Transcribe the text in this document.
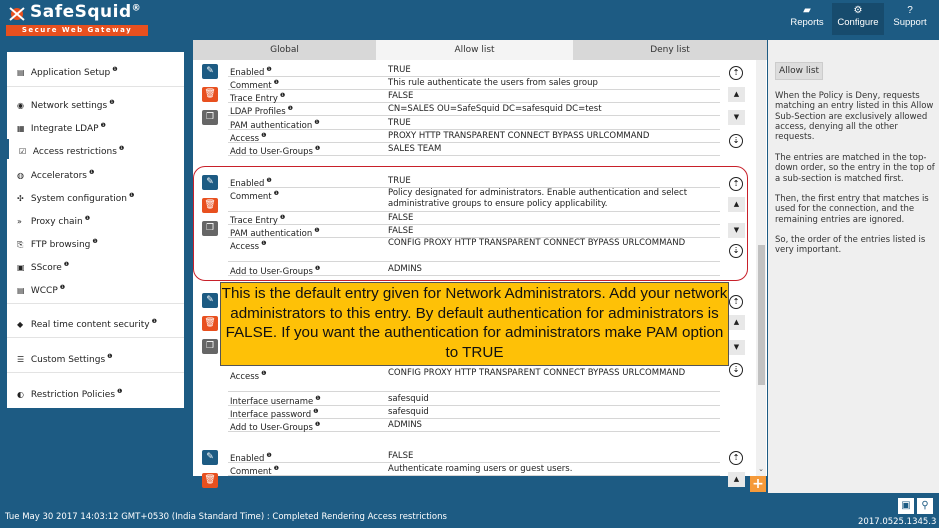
SafeSquid®
Secure Web Gateway
▰
Reports
⚙
Configure
?
Support
▤ Application Setup $^❶$
◉ Network settings $^❶$
▦ Integrate LDAP $^❶$
☑ Access restrictions $^❶$
◍ Accelerators $^❶$
✣ System configuration $^❶$
» Proxy chain $^❶$
⎘ FTP browsing $^❶$
▣ SScore $^❶$
▤ WCCP $^❶$
◆ Real time content security $^❶$
☰ Custom Settings $^❶$
◐ Restriction Policies $^❶$
Global	Allow list	Deny list
✎
🗑
❐
Enabled $^❶$	TRUE
Comment $^❶$	This rule authenticate the users from sales group
Trace Entry $^❶$	FALSE
LDAP Profiles $^❶$	CN=SALES OU=SafeSquid DC=safesquid DC=test
PAM authentication $^❶$	TRUE
Access $^❶$	PROXY HTTP TRANSPARENT CONNECT BYPASS URLCOMMAND
Add to User-Groups $^❶$	SALES TEAM
⇡
▲
▼
⇣
✎
🗑
❐
Enabled $^❶$	TRUE
Comment $^❶$	Policy designated for administrators. Enable authentication and select administrative groups to ensure policy applicability.
Trace Entry $^❶$	FALSE
PAM authentication $^❶$	FALSE
Access $^❶$	CONFIG PROXY HTTP TRANSPARENT CONNECT BYPASS URLCOMMAND
Add to User-Groups $^❶$	ADMINS
⇡
▲
▼
⇣
✎
🗑
❐
Access $^❶$	CONFIG PROXY HTTP TRANSPARENT CONNECT BYPASS URLCOMMAND
Interface username $^❶$	safesquid
Interface password $^❶$	safesquid
Add to User-Groups $^❶$	ADMINS
⇡
▲
▼
⇣
✎
🗑
Enabled $^❶$	FALSE
Comment $^❶$	Authenticate roaming users or guest users.
⇡
▲
⌄
+
This is the default entry given for Network Administrators. Add your network administrators to this entry. By default authentication for administrators is FALSE. If you want the authentication for administrators make PAM option to TRUE
Allow list
When the Policy is Deny, requests matching an entry listed in this Allow Sub-Section are exclusively allowed access, denying all the other requests.
The entries are matched in the top-down order, so the entry in the top of a sub-section is matched first.
Then, the first entry that matches is used for the connection, and the remaining entries are ignored.
So, the order of the entries listed is very important.
Tue May 30 2017 14:03:12 GMT+0530 (India Standard Time) : Completed Rendering Access restrictions
▣	⚲
2017.0525.1345.3
